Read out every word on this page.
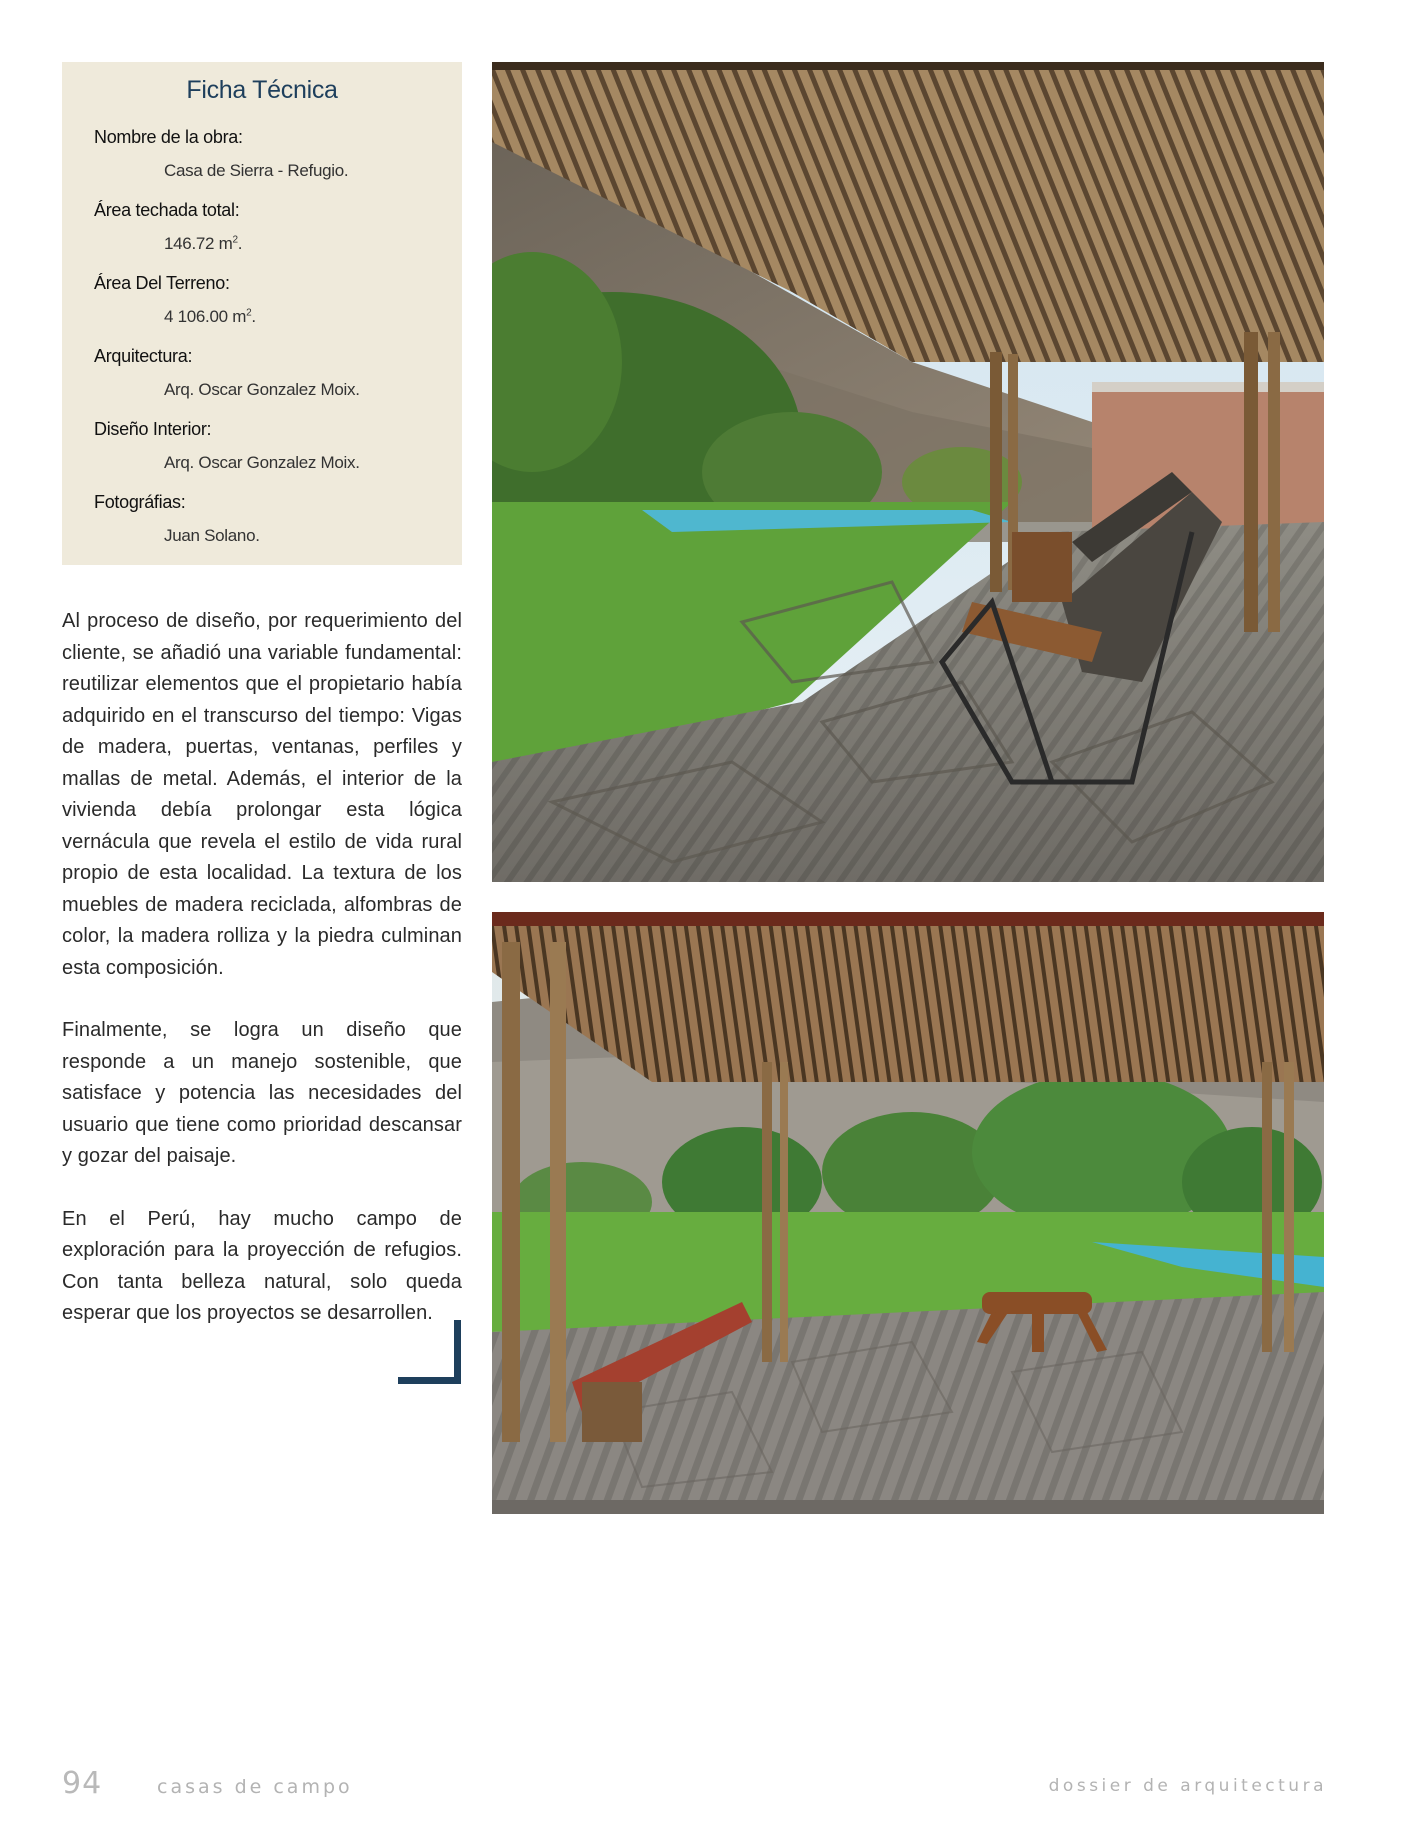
Ficha Técnica
Nombre de la obra:
Casa de Sierra - Refugio.
Área techada total:
146.72 $m^2$.
Área Del Terreno:
4 106.00 $m^2$.
Arquitectura:
Arq. Oscar Gonzalez Moix.
Diseño Interior:
Arq. Oscar Gonzalez Moix.
Fotográfias:
Juan Solano.

Al proceso de diseño, por requerimiento del cliente, se añadió una variable fundamental: reutilizar elementos que el propietario había adquirido en el transcurso del tiempo: Vigas de madera, puertas, ventanas, perfiles y mallas de metal. Además, el interior de la vivienda debía prolongar esta lógica vernácula que revela el estilo de vida rural propio de esta localidad. La textura de los muebles de madera reciclada, alfombras de color, la madera rolliza y la piedra culminan esta composición.

Finalmente, se logra un diseño que responde a un manejo sostenible, que satisface y potencia las necesidades del usuario que tiene como prioridad descansar y gozar del paisaje.

En el Perú, hay mucho campo de exploración para la proyección de refugios. Con tanta belleza natural, solo queda esperar que los proyectos se desarrollen.

94	casas de campo	dossier de arquitectura
